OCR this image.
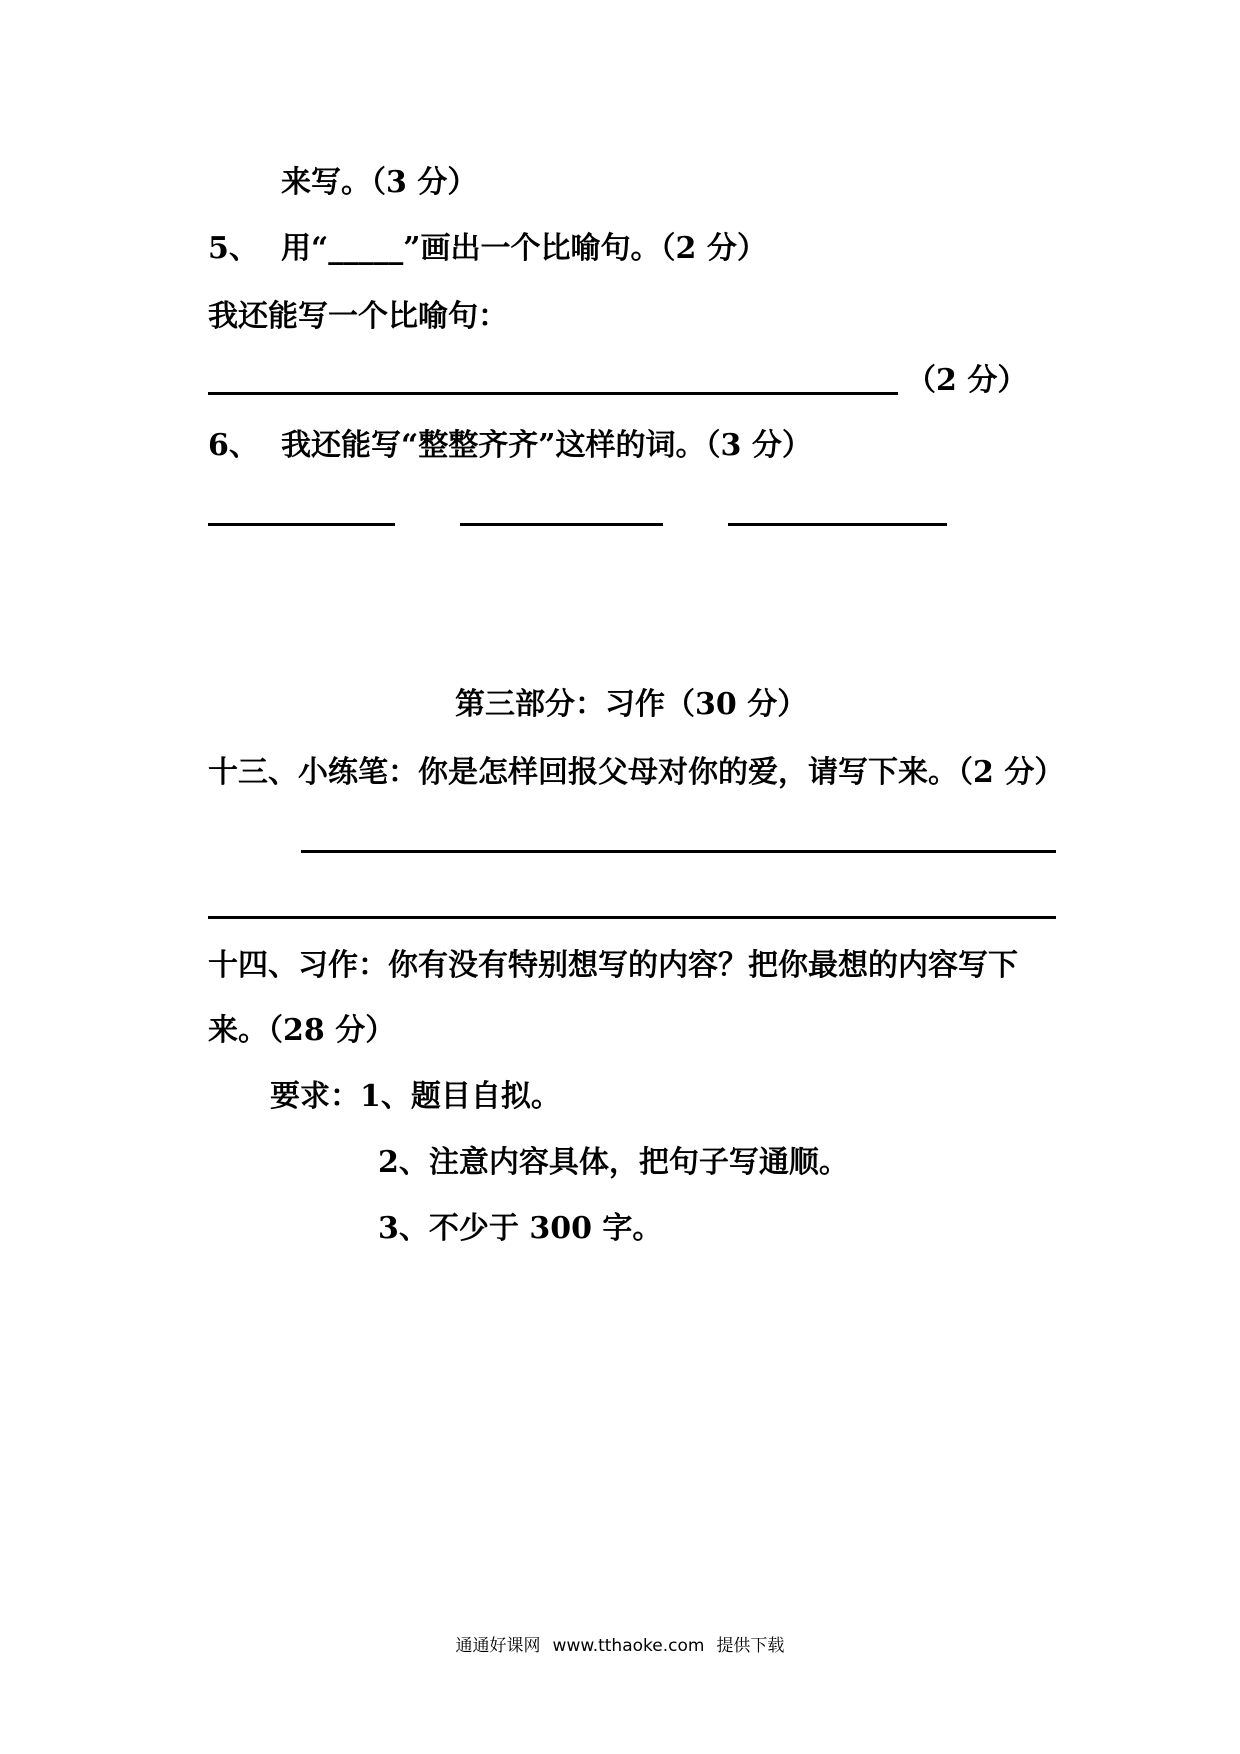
来写。（3 分）
5、 用“_____”画出一个比喻句。（2 分）
我还能写一个比喻句：
（2 分）
6、 我还能写“整整齐齐”这样的词。（3 分）
第三部分：习作（30 分）
十三、小练笔：你是怎样回报父母对你的爱，请写下来。（2 分）
十四、习作：你有没有特别想写的内容？把你最想的内容写下
来。（28 分）
要求：1、题目自拟。
2、注意内容具体，把句子写通顺。
3、不少于 300 字。
通通好课网 www.tthaoke.com 提供下载
